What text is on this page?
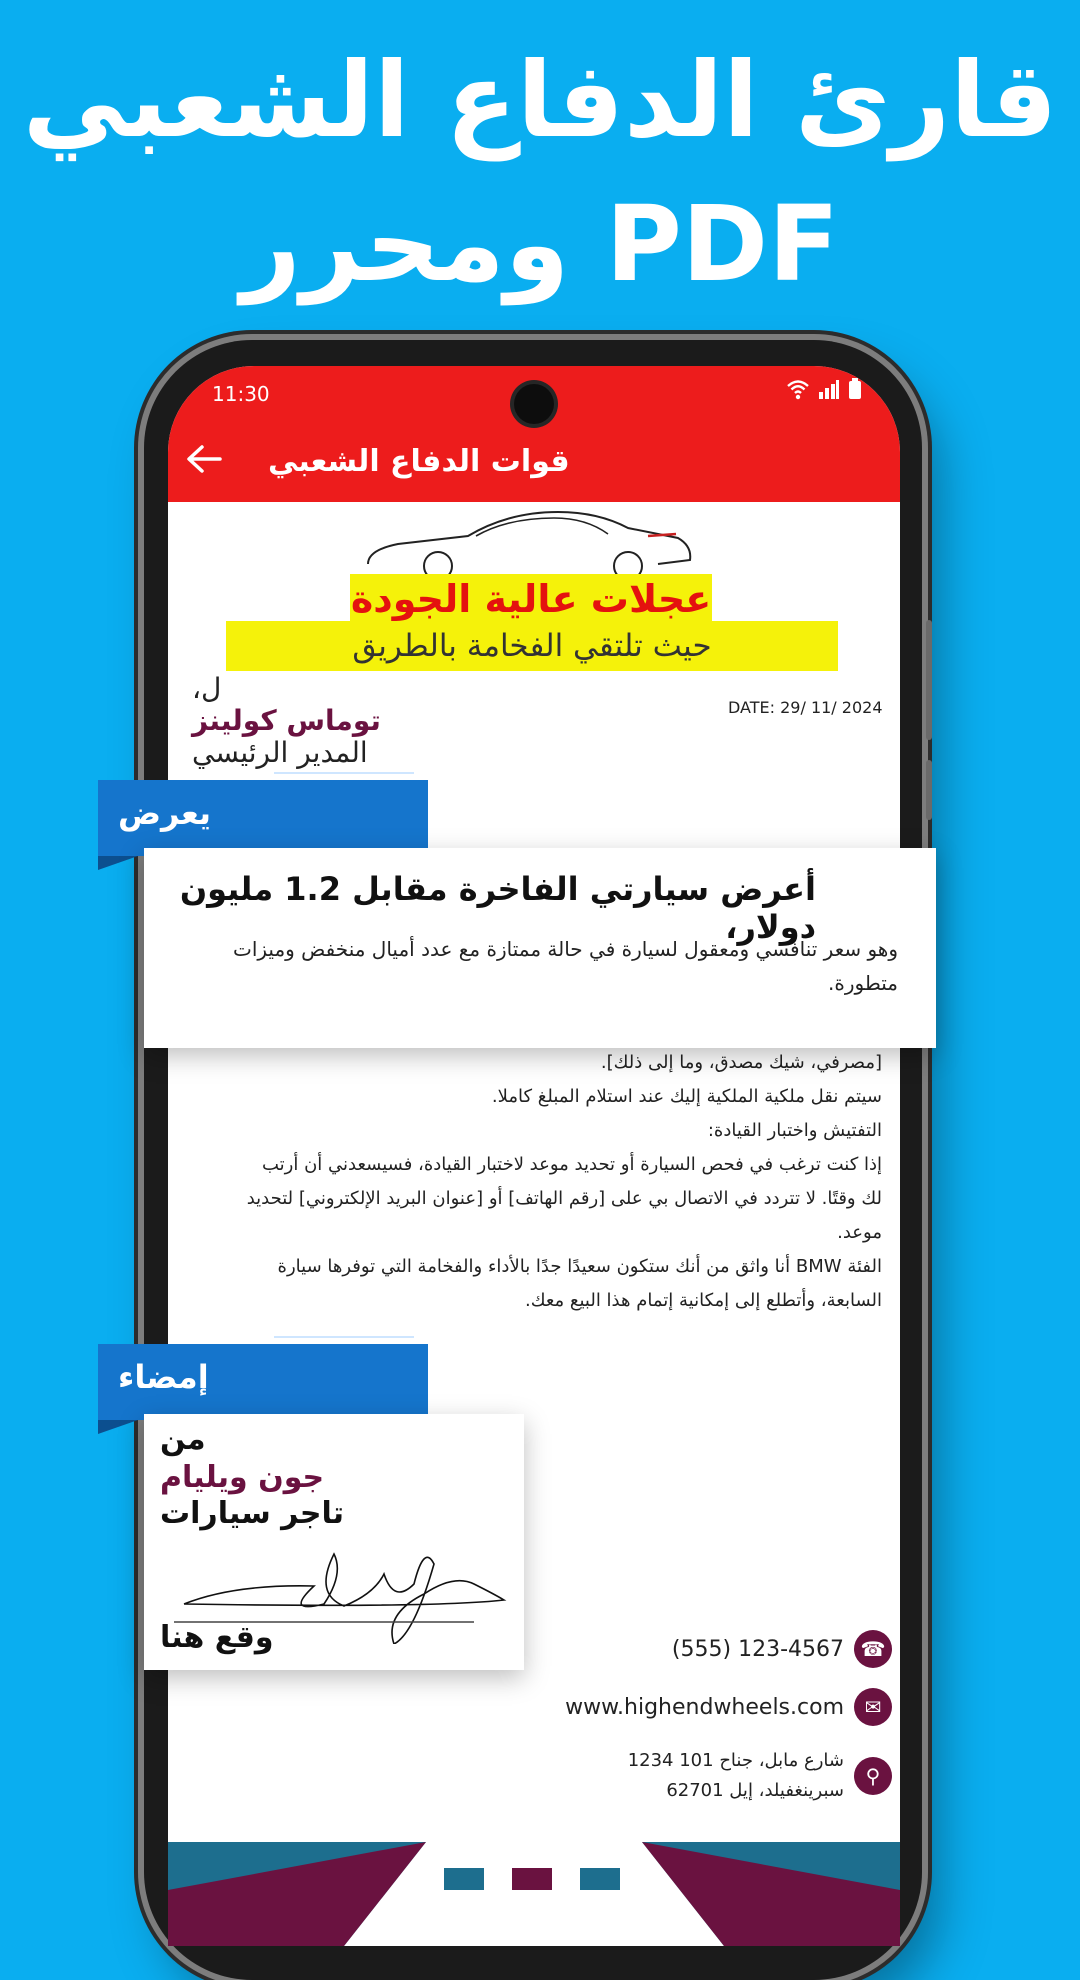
قارئ الدفاع الشعبي
PDF ومحرر
11:30
قوات الدفاع الشعبي
عجلات عالية الجودة
حيث تلتقي الفخامة بالطريق
ل،
توماس كولينز
المدير الرئيسي
DATE: 29/ 11/ 2024
[مصرفي، شيك مصدق، وما إلى ذلك].
سيتم نقل ملكية الملكية إليك عند استلام المبلغ كاملا.
التفتيش واختبار القيادة:
إذا كنت ترغب في فحص السيارة أو تحديد موعد لاختبار القيادة، فسيسعدني أن أرتب
لك وقتًا. لا تتردد في الاتصال بي على [رقم الهاتف] أو [عنوان البريد الإلكتروني] لتحديد
موعد.
الفئة BMW أنا واثق من أنك ستكون سعيدًا جدًا بالأداء والفخامة التي توفرها سيارة
السابعة، وأتطلع إلى إمكانية إتمام هذا البيع معك.
(555) 123-4567 ☎
www.highendwheels.com	✉
شارع مابل، جناح 101 1234
سبرينغفيلد، إيل 62701
⚲
يعرض
أعرض سيارتي الفاخرة مقابل 1.2 مليون دولار،
وهو سعر تنافسي ومعقول لسيارة في حالة ممتازة مع عدد أميال منخفض وميزات متطورة.
إمضاء
من
جون ويليام
تاجر سيارات
وقع هنا
